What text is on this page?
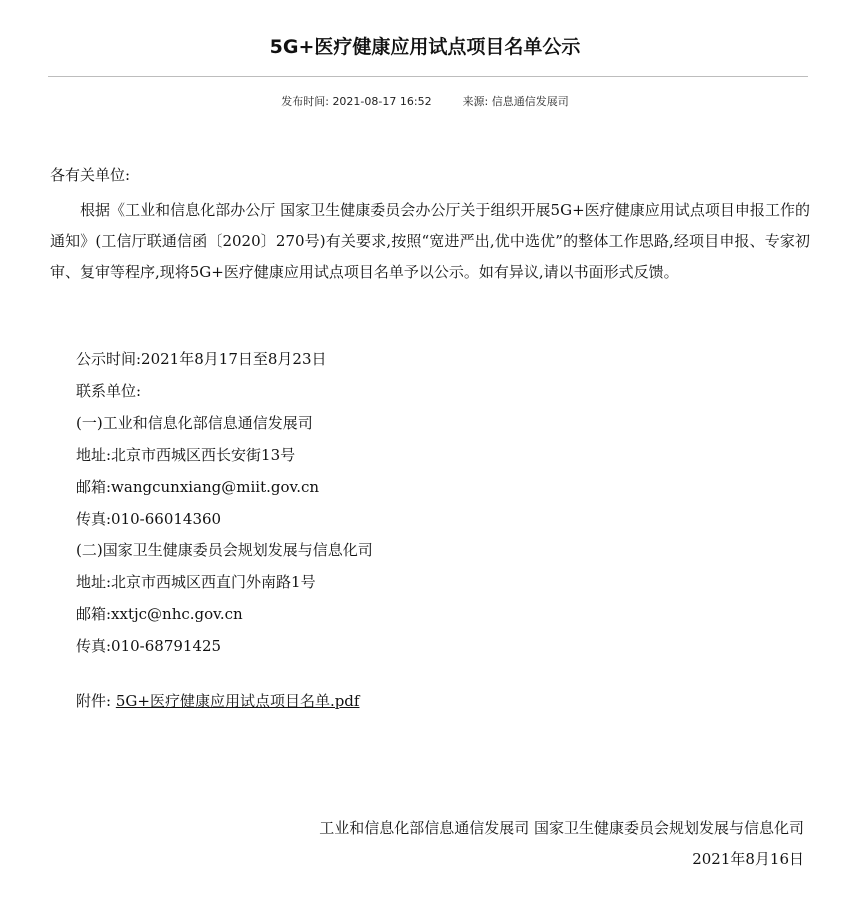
5G+医疗健康应用试点项目名单公示
发布时间: 2021-08-17 16:52	来源: 信息通信发展司
各有关单位:
根据《工业和信息化部办公厅 国家卫生健康委员会办公厅关于组织开展5G+医疗健康应用试点项目申报工作的通知》(工信厅联通信函〔2020〕270号)有关要求,按照“宽进严出,优中选优”的整体工作思路,经项目申报、专家初审、复审等程序,现将5G+医疗健康应用试点项目名单予以公示。如有异议,请以书面形式反馈。
公示时间:2021年8月17日至8月23日
联系单位:
(一)工业和信息化部信息通信发展司
地址:北京市西城区西长安街13号
邮箱:wangcunxiang@miit.gov.cn
传真:010-66014360
(二)国家卫生健康委员会规划发展与信息化司
地址:北京市西城区西直门外南路1号
邮箱:xxtjc@nhc.gov.cn
传真:010-68791425
附件: 5G+医疗健康应用试点项目名单.pdf
工业和信息化部信息通信发展司 国家卫生健康委员会规划发展与信息化司
2021年8月16日
